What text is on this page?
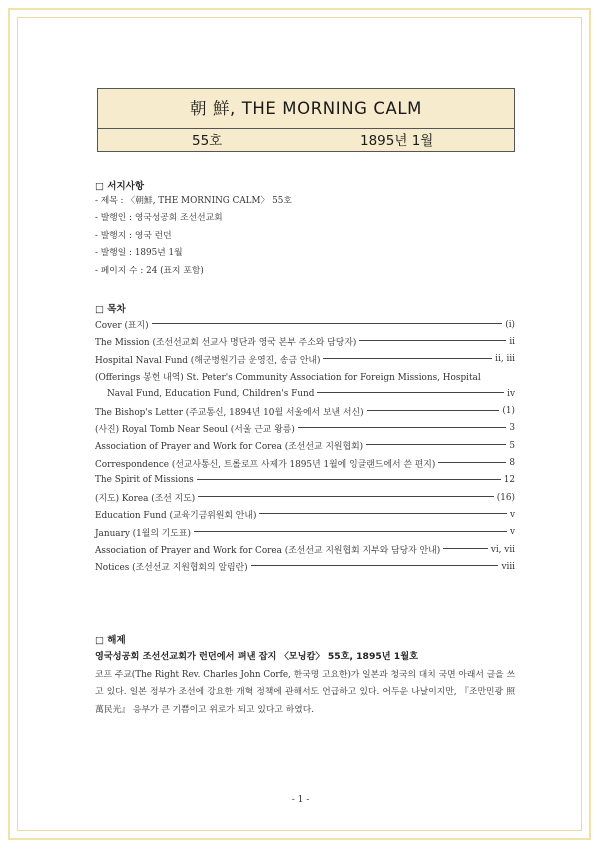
朝 鮮, THE MORNING CALM
55호	1895년 1월
□ 서지사항
- 제목 : 〈朝鮮, THE MORNING CALM〉 55호
- 발행인 : 영국성공회 조선선교회
- 발행지 : 영국 런던
- 발행일 : 1895년 1월
- 페이지 수 : 24 (표지 포함)
□ 목차
Cover (표지)	(i)
The Mission (조선선교회 선교사 명단과 영국 본부 주소와 담당자)	ii
Hospital Naval Fund (해군병원기금 운영진, 송금 안내)	ii, iii
(Offerings 봉헌 내역) St. Peter's Community Association for Foreign Missions, Hospital
Naval Fund, Education Fund, Children's Fund	iv
The Bishop's Letter (주교통신, 1894년 10월 서울에서 보낸 서신)	(1)
(사진) Royal Tomb Near Seoul (서울 근교 왕릉)	3
Association of Prayer and Work for Corea (조선선교 지원협회)	5
Correspondence (선교사통신, 트롤로프 사제가 1895년 1월에 잉글랜드에서 쓴 편지)	8
The Spirit of Missions	12
(지도) Korea (조선 지도)	(16)
Education Fund (교육기금위원회 안내)	v
January (1월의 기도표)	v
Association of Prayer and Work for Corea (조선선교 지원협회 지부와 담당자 안내)	vi, vii
Notices (조선선교 지원협회의 알림란)	viii
□ 해제
영국성공회 조선선교회가 런던에서 펴낸 잡지 〈모닝캄〉 55호, 1895년 1월호
코프 주교(The Right Rev. Charles John Corfe, 한국명 고요한)가 일본과 청국의 대치 국면 아래서 글을 쓰고 있다. 일본 정부가 조선에 강요한 개혁 정책에 관해서도 언급하고 있다. 어두운 나날이지만, 『조만민광 照萬民光』 응부가 큰 기쁨이고 위로가 되고 있다고 하였다.
- 1 -
